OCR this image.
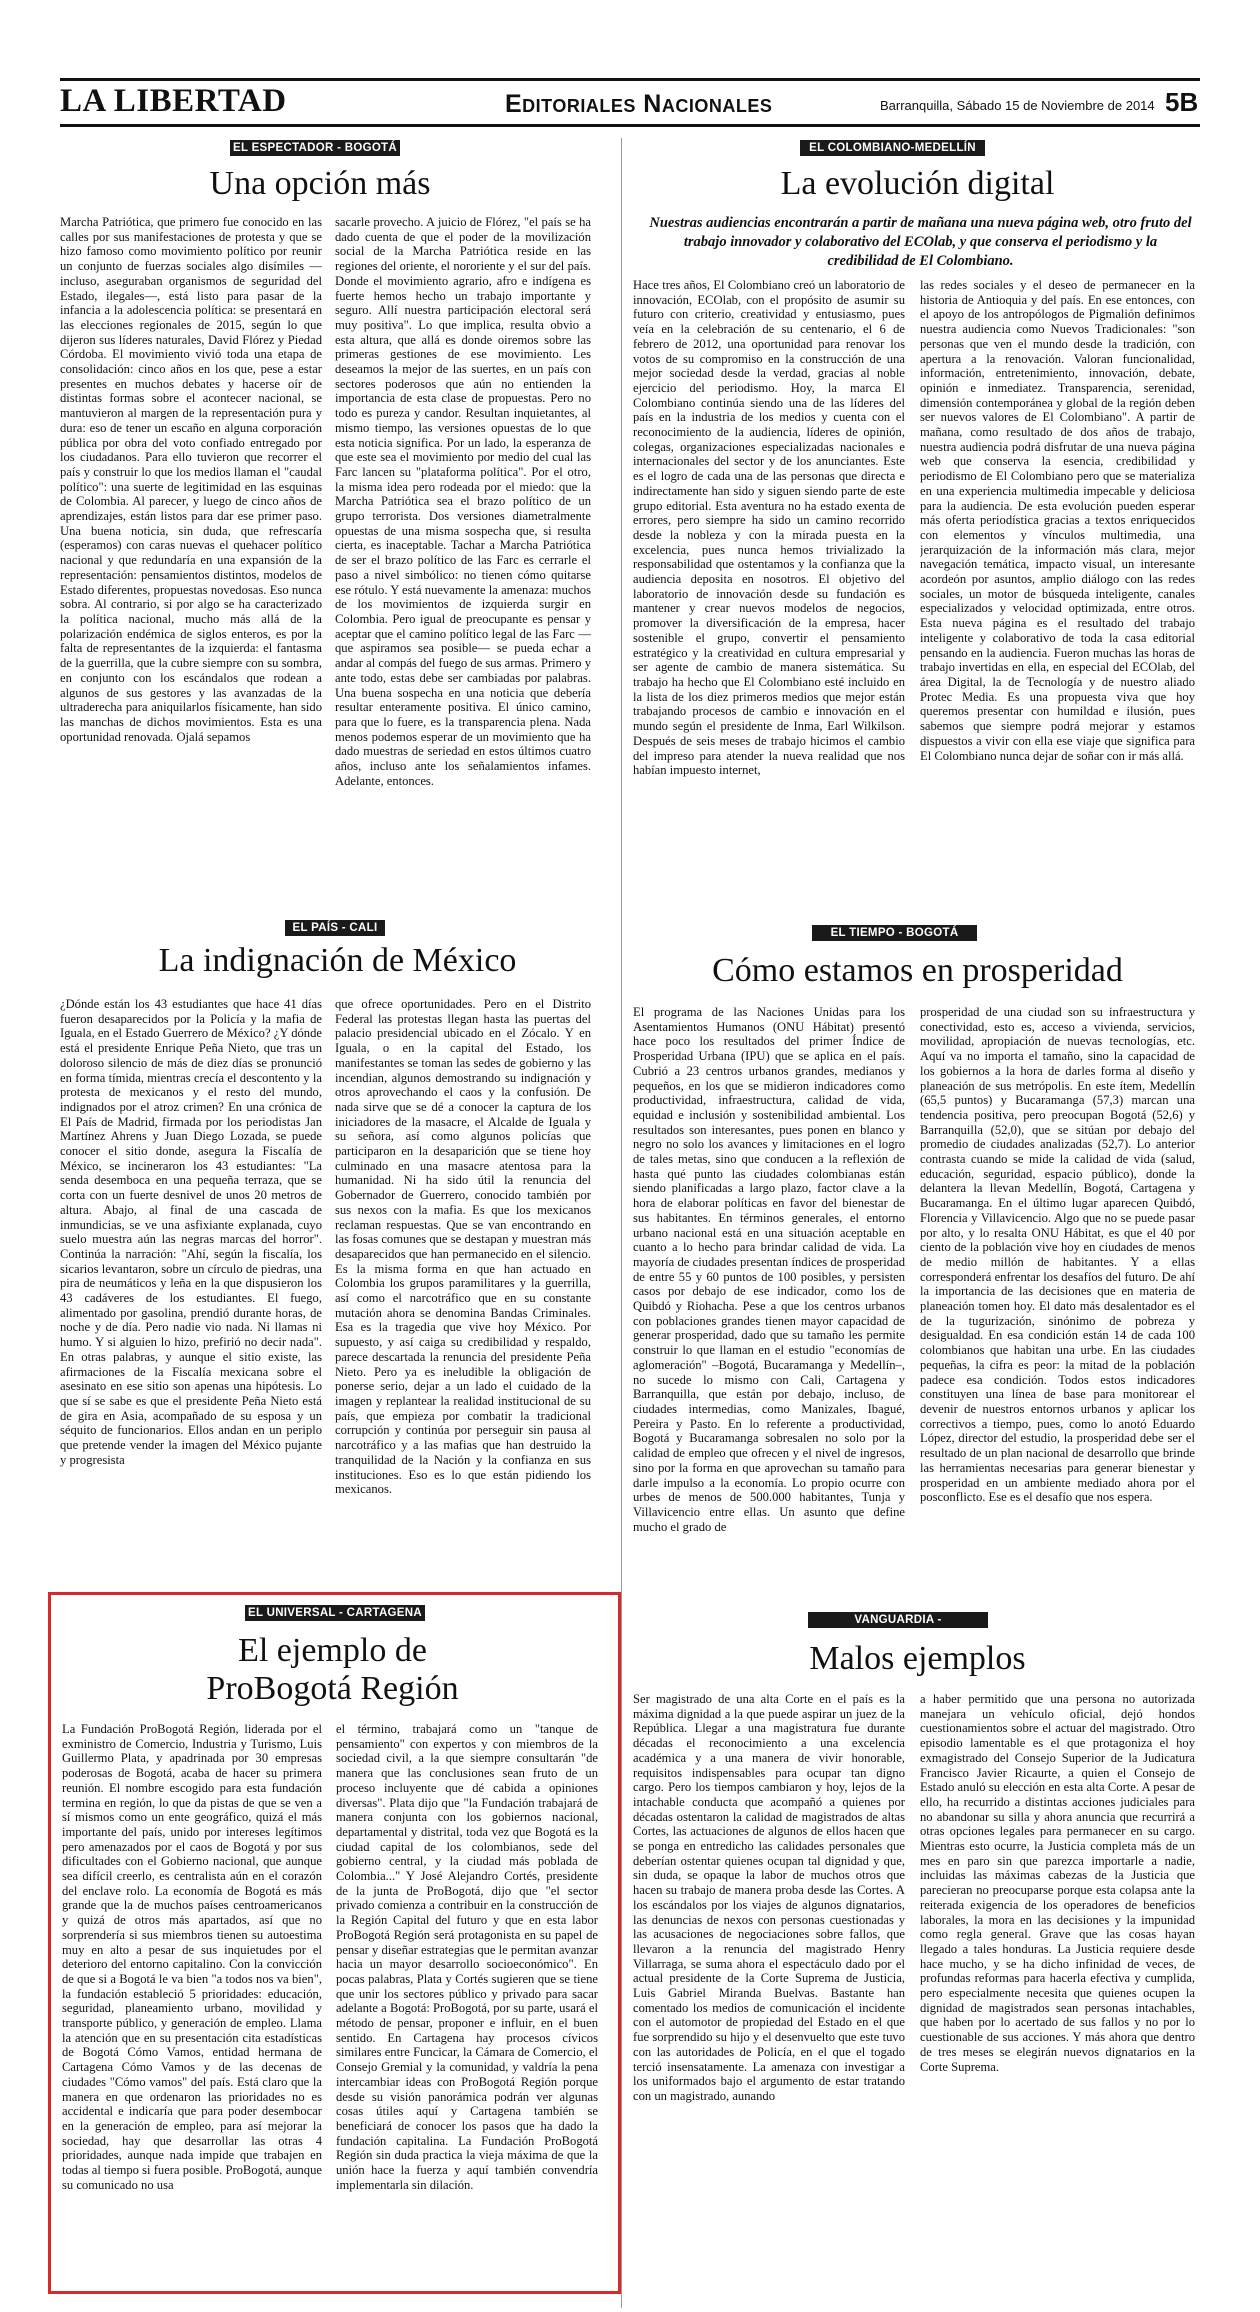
LA LIBERTAD	Editoriales Nacionales	Barranquilla, Sábado 15 de Noviembre de 2014 5B
EL ESPECTADOR - BOGOTÁ
Una opción más

Marcha Patriótica, que primero fue conocido en las calles por sus manifestaciones de protesta y que se hizo famoso como movimiento político por reunir un conjunto de fuerzas sociales algo disímiles —incluso, aseguraban organismos de seguridad del Estado, ilegales—, está listo para pasar de la infancia a la adolescencia política: se presentará en las elecciones regionales de 2015, según lo que dijeron sus líderes naturales, David Flórez y Piedad Córdoba. El movimiento vivió toda una etapa de consolidación: cinco años en los que, pese a estar presentes en muchos debates y hacerse oír de distintas formas sobre el acontecer nacional, se mantuvieron al margen de la representación pura y dura: eso de tener un escaño en alguna corporación pública por obra del voto confiado entregado por los ciudadanos. Para ello tuvieron que recorrer el país y construir lo que los medios llaman el "caudal político": una suerte de legitimidad en las esquinas de Colombia. Al parecer, y luego de cinco años de aprendizajes, están listos para dar ese primer paso. Una buena noticia, sin duda, que refrescaría (esperamos) con caras nuevas el quehacer político nacional y que redundaría en una expansión de la representación: pensamientos distintos, modelos de Estado diferentes, propuestas novedosas. Eso nunca sobra. Al contrario, si por algo se ha caracterizado la política nacional, mucho más allá de la polarización endémica de siglos enteros, es por la falta de representantes de la izquierda: el fantasma de la guerrilla, que la cubre siempre con su sombra, en conjunto con los escándalos que rodean a algunos de sus gestores y las avanzadas de la ultraderecha para aniquilarlos físicamente, han sido las manchas de dichos movimientos. Esta es una oportunidad renovada. Ojalá sepamos

sacarle provecho. A juicio de Flórez, "el país se ha dado cuenta de que el poder de la movilización social de la Marcha Patriótica reside en las regiones del oriente, el nororiente y el sur del país. Donde el movimiento agrario, afro e indígena es fuerte hemos hecho un trabajo importante y seguro. Allí nuestra participación electoral será muy positiva". Lo que implica, resulta obvio a esta altura, que allá es donde oiremos sobre las primeras gestiones de ese movimiento. Les deseamos la mejor de las suertes, en un país con sectores poderosos que aún no entienden la importancia de esta clase de propuestas. Pero no todo es pureza y candor. Resultan inquietantes, al mismo tiempo, las versiones opuestas de lo que esta noticia significa. Por un lado, la esperanza de que este sea el movimiento por medio del cual las Farc lancen su "plataforma política". Por el otro, la misma idea pero rodeada por el miedo: que la Marcha Patriótica sea el brazo político de un grupo terrorista. Dos versiones diametralmente opuestas de una misma sospecha que, si resulta cierta, es inaceptable. Tachar a Marcha Patriótica de ser el brazo político de las Farc es cerrarle el paso a nivel simbólico: no tienen cómo quitarse ese rótulo. Y está nuevamente la amenaza: muchos de los movimientos de izquierda surgir en Colombia. Pero igual de preocupante es pensar y aceptar que el camino político legal de las Farc —que aspiramos sea posible— se pueda echar a andar al compás del fuego de sus armas. Primero y ante todo, estas debe ser cambiadas por palabras. Una buena sospecha en una noticia que debería resultar enteramente positiva. El único camino, para que lo fuere, es la transparencia plena. Nada menos podemos esperar de un movimiento que ha dado muestras de seriedad en estos últimos cuatro años, incluso ante los señalamientos infames. Adelante, entonces.

EL COLOMBIANO-MEDELLÍN
La evolución digital
Nuestras audiencias encontrarán a partir de mañana una nueva página web, otro fruto del trabajo innovador y colaborativo del ECOlab, y que conserva el periodismo y la credibilidad de El Colombiano.

Hace tres años, El Colombiano creó un laboratorio de innovación, ECOlab, con el propósito de asumir su futuro con criterio, creatividad y entusiasmo, pues veía en la celebración de su centenario, el 6 de febrero de 2012, una oportunidad para renovar los votos de su compromiso en la construcción de una mejor sociedad desde la verdad, gracias al noble ejercicio del periodismo. Hoy, la marca El Colombiano continúa siendo una de las líderes del país en la industria de los medios y cuenta con el reconocimiento de la audiencia, líderes de opinión, colegas, organizaciones especializadas nacionales e internacionales del sector y de los anunciantes. Este es el logro de cada una de las personas que directa e indirectamente han sido y siguen siendo parte de este grupo editorial. Esta aventura no ha estado exenta de errores, pero siempre ha sido un camino recorrido desde la nobleza y con la mirada puesta en la excelencia, pues nunca hemos trivializado la responsabilidad que ostentamos y la confianza que la audiencia deposita en nosotros. El objetivo del laboratorio de innovación desde su fundación es mantener y crear nuevos modelos de negocios, promover la diversificación de la empresa, hacer sostenible el grupo, convertir el pensamiento estratégico y la creatividad en cultura empresarial y ser agente de cambio de manera sistemática. Su trabajo ha hecho que El Colombiano esté incluido en la lista de los diez primeros medios que mejor están trabajando procesos de cambio e innovación en el mundo según el presidente de Inma, Earl Wilkilson. Después de seis meses de trabajo hicimos el cambio del impreso para atender la nueva realidad que nos habían impuesto internet,

las redes sociales y el deseo de permanecer en la historia de Antioquia y del país. En ese entonces, con el apoyo de los antropólogos de Pigmalión definimos nuestra audiencia como Nuevos Tradicionales: "son personas que ven el mundo desde la tradición, con apertura a la renovación. Valoran funcionalidad, información, entretenimiento, innovación, debate, opinión e inmediatez. Transparencia, serenidad, dimensión contemporánea y global de la región deben ser nuevos valores de El Colombiano". A partir de mañana, como resultado de dos años de trabajo, nuestra audiencia podrá disfrutar de una nueva página web que conserva la esencia, credibilidad y periodismo de El Colombiano pero que se materializa en una experiencia multimedia impecable y deliciosa para la audiencia. De esta evolución pueden esperar más oferta periodística gracias a textos enriquecidos con elementos y vínculos multimedia, una jerarquización de la información más clara, mejor navegación temática, impacto visual, un interesante acordeón por asuntos, amplio diálogo con las redes sociales, un motor de búsqueda inteligente, canales especializados y velocidad optimizada, entre otros. Esta nueva página es el resultado del trabajo inteligente y colaborativo de toda la casa editorial pensando en la audiencia. Fueron muchas las horas de trabajo invertidas en ella, en especial del ECOlab, del área Digital, la de Tecnología y de nuestro aliado Protec Media. Es una propuesta viva que hoy queremos presentar con humildad e ilusión, pues sabemos que siempre podrá mejorar y estamos dispuestos a vivir con ella ese viaje que significa para El Colombiano nunca dejar de soñar con ir más allá.

EL PAÍS - CALI
La indignación de México

¿Dónde están los 43 estudiantes que hace 41 días fueron desaparecidos por la Policía y la mafia de Iguala, en el Estado Guerrero de México? ¿Y dónde está el presidente Enrique Peña Nieto, que tras un doloroso silencio de más de diez días se pronunció en forma tímida, mientras crecía el descontento y la protesta de mexicanos y el resto del mundo, indignados por el atroz crimen? En una crónica de El País de Madrid, firmada por los periodistas Jan Martínez Ahrens y Juan Diego Lozada, se puede conocer el sitio donde, asegura la Fiscalía de México, se incineraron los 43 estudiantes: "La senda desemboca en una pequeña terraza, que se corta con un fuerte desnivel de unos 20 metros de altura. Abajo, al final de una cascada de inmundicias, se ve una asfixiante explanada, cuyo suelo muestra aún las negras marcas del horror". Continúa la narración: "Ahí, según la fiscalía, los sicarios levantaron, sobre un círculo de piedras, una pira de neumáticos y leña en la que dispusieron los 43 cadáveres de los estudiantes. El fuego, alimentado por gasolina, prendió durante horas, de noche y de día. Pero nadie vio nada. Ni llamas ni humo. Y si alguien lo hizo, prefirió no decir nada". En otras palabras, y aunque el sitio existe, las afirmaciones de la Fiscalía mexicana sobre el asesinato en ese sitio son apenas una hipótesis. Lo que sí se sabe es que el presidente Peña Nieto está de gira en Asia, acompañado de su esposa y un séquito de funcionarios. Ellos andan en un periplo que pretende vender la imagen del México pujante y progresista

que ofrece oportunidades. Pero en el Distrito Federal las protestas llegan hasta las puertas del palacio presidencial ubicado en el Zócalo. Y en Iguala, o en la capital del Estado, los manifestantes se toman las sedes de gobierno y las incendian, algunos demostrando su indignación y otros aprovechando el caos y la confusión. De nada sirve que se dé a conocer la captura de los iniciadores de la masacre, el Alcalde de Iguala y su señora, así como algunos policías que participaron en la desaparición que se tiene hoy culminado en una masacre atentosa para la humanidad. Ni ha sido útil la renuncia del Gobernador de Guerrero, conocido también por sus nexos con la mafia. Es que los mexicanos reclaman respuestas. Que se van encontrando en las fosas comunes que se destapan y muestran más desaparecidos que han permanecido en el silencio. Es la misma forma en que han actuado en Colombia los grupos paramilitares y la guerrilla, así como el narcotráfico que en su constante mutación ahora se denomina Bandas Criminales. Esa es la tragedia que vive hoy México. Por supuesto, y así caiga su credibilidad y respaldo, parece descartada la renuncia del presidente Peña Nieto. Pero ya es ineludible la obligación de ponerse serio, dejar a un lado el cuidado de la imagen y replantear la realidad institucional de su país, que empieza por combatir la tradicional corrupción y continúa por perseguir sin pausa al narcotráfico y a las mafias que han destruido la tranquilidad de la Nación y la confianza en sus instituciones. Eso es lo que están pidiendo los mexicanos.

EL TIEMPO - BOGOTÁ
Cómo estamos en prosperidad

El programa de las Naciones Unidas para los Asentamientos Humanos (ONU Hábitat) presentó hace poco los resultados del primer Índice de Prosperidad Urbana (IPU) que se aplica en el país. Cubrió a 23 centros urbanos grandes, medianos y pequeños, en los que se midieron indicadores como productividad, infraestructura, calidad de vida, equidad e inclusión y sostenibilidad ambiental. Los resultados son interesantes, pues ponen en blanco y negro no solo los avances y limitaciones en el logro de tales metas, sino que conducen a la reflexión de hasta qué punto las ciudades colombianas están siendo planificadas a largo plazo, factor clave a la hora de elaborar políticas en favor del bienestar de sus habitantes. En términos generales, el entorno urbano nacional está en una situación aceptable en cuanto a lo hecho para brindar calidad de vida. La mayoría de ciudades presentan índices de prosperidad de entre 55 y 60 puntos de 100 posibles, y persisten casos por debajo de ese indicador, como los de Quibdó y Riohacha. Pese a que los centros urbanos con poblaciones grandes tienen mayor capacidad de generar prosperidad, dado que su tamaño les permite construir lo que llaman en el estudio "economías de aglomeración" –Bogotá, Bucaramanga y Medellín–, no sucede lo mismo con Cali, Cartagena y Barranquilla, que están por debajo, incluso, de ciudades intermedias, como Manizales, Ibagué, Pereira y Pasto. En lo referente a productividad, Bogotá y Bucaramanga sobresalen no solo por la calidad de empleo que ofrecen y el nivel de ingresos, sino por la forma en que aprovechan su tamaño para darle impulso a la economía. Lo propio ocurre con urbes de menos de 500.000 habitantes, Tunja y Villavicencio entre ellas. Un asunto que define mucho el grado de

prosperidad de una ciudad son su infraestructura y conectividad, esto es, acceso a vivienda, servicios, movilidad, apropiación de nuevas tecnologías, etc. Aquí va no importa el tamaño, sino la capacidad de los gobiernos a la hora de darles forma al diseño y planeación de sus metrópolis. En este ítem, Medellín (65,5 puntos) y Bucaramanga (57,3) marcan una tendencia positiva, pero preocupan Bogotá (52,6) y Barranquilla (52,0), que se sitúan por debajo del promedio de ciudades analizadas (52,7). Lo anterior contrasta cuando se mide la calidad de vida (salud, educación, seguridad, espacio público), donde la delantera la llevan Medellín, Bogotá, Cartagena y Bucaramanga. En el último lugar aparecen Quibdó, Florencia y Villavicencio. Algo que no se puede pasar por alto, y lo resalta ONU Hábitat, es que el 40 por ciento de la población vive hoy en ciudades de menos de medio millón de habitantes. Y a ellas corresponderá enfrentar los desafíos del futuro. De ahí la importancia de las decisiones que en materia de planeación tomen hoy. El dato más desalentador es el de la tugurización, sinónimo de pobreza y desigualdad. En esa condición están 14 de cada 100 colombianos que habitan una urbe. En las ciudades pequeñas, la cifra es peor: la mitad de la población padece esa condición. Todos estos indicadores constituyen una línea de base para monitorear el devenir de nuestros entornos urbanos y aplicar los correctivos a tiempo, pues, como lo anotó Eduardo López, director del estudio, la prosperidad debe ser el resultado de un plan nacional de desarrollo que brinde las herramientas necesarias para generar bienestar y prosperidad en un ambiente mediado ahora por el posconflicto. Ese es el desafío que nos espera.

EL UNIVERSAL - CARTAGENA
El ejemplo de
ProBogotá Región

La Fundación ProBogotá Región, liderada por el exministro de Comercio, Industria y Turismo, Luis Guillermo Plata, y apadrinada por 30 empresas poderosas de Bogotá, acaba de hacer su primera reunión. El nombre escogido para esta fundación termina en región, lo que da pistas de que se ven a sí mismos como un ente geográfico, quizá el más importante del país, unido por intereses legítimos pero amenazados por el caos de Bogotá y por sus dificultades con el Gobierno nacional, que aunque sea difícil creerlo, es centralista aún en el corazón del enclave rolo. La economía de Bogotá es más grande que la de muchos países centroamericanos y quizá de otros más apartados, así que no sorprendería si sus miembros tienen su autoestima muy en alto a pesar de sus inquietudes por el deterioro del entorno capitalino. Con la convicción de que si a Bogotá le va bien "a todos nos va bien", la fundación estableció 5 prioridades: educación, seguridad, planeamiento urbano, movilidad y transporte público, y generación de empleo. Llama la atención que en su presentación cita estadísticas de Bogotá Cómo Vamos, entidad hermana de Cartagena Cómo Vamos y de las decenas de ciudades "Cómo vamos" del país. Está claro que la manera en que ordenaron las prioridades no es accidental e indicaría que para poder desembocar en la generación de empleo, para así mejorar la sociedad, hay que desarrollar las otras 4 prioridades, aunque nada impide que trabajen en todas al tiempo si fuera posible. ProBogotá, aunque su comunicado no usa

el término, trabajará como un "tanque de pensamiento" con expertos y con miembros de la sociedad civil, a la que siempre consultarán "de manera que las conclusiones sean fruto de un proceso incluyente que dé cabida a opiniones diversas". Plata dijo que "la Fundación trabajará de manera conjunta con los gobiernos nacional, departamental y distrital, toda vez que Bogotá es la ciudad capital de los colombianos, sede del gobierno central, y la ciudad más poblada de Colombia..." Y José Alejandro Cortés, presidente de la junta de ProBogotá, dijo que "el sector privado comienza a contribuir en la construcción de la Región Capital del futuro y que en esta labor ProBogotá Región será protagonista en su papel de pensar y diseñar estrategias que le permitan avanzar hacia un mayor desarrollo socioeconómico". En pocas palabras, Plata y Cortés sugieren que se tiene que unir los sectores público y privado para sacar adelante a Bogotá: ProBogotá, por su parte, usará el método de pensar, proponer e influir, en el buen sentido. En Cartagena hay procesos cívicos similares entre Funcicar, la Cámara de Comercio, el Consejo Gremial y la comunidad, y valdría la pena intercambiar ideas con ProBogotá Región porque desde su visión panorámica podrán ver algunas cosas útiles aquí y Cartagena también se beneficiará de conocer los pasos que ha dado la fundación capitalina. La Fundación ProBogotá Región sin duda practica la vieja máxima de que la unión hace la fuerza y aquí también convendría implementarla sin dilación.

VANGUARDIA - BUCARAMANGA
Malos ejemplos

Ser magistrado de una alta Corte en el país es la máxima dignidad a la que puede aspirar un juez de la República. Llegar a una magistratura fue durante décadas el reconocimiento a una excelencia académica y a una manera de vivir honorable, requisitos indispensables para ocupar tan digno cargo. Pero los tiempos cambiaron y hoy, lejos de la intachable conducta que acompañó a quienes por décadas ostentaron la calidad de magistrados de altas Cortes, las actuaciones de algunos de ellos hacen que se ponga en entredicho las calidades personales que deberían ostentar quienes ocupan tal dignidad y que, sin duda, se opaque la labor de muchos otros que hacen su trabajo de manera proba desde las Cortes. A los escándalos por los viajes de algunos dignatarios, las denuncias de nexos con personas cuestionadas y las acusaciones de negociaciones sobre fallos, que llevaron a la renuncia del magistrado Henry Villarraga, se suma ahora el espectáculo dado por el actual presidente de la Corte Suprema de Justicia, Luis Gabriel Miranda Buelvas. Bastante han comentado los medios de comunicación el incidente con el automotor de propiedad del Estado en el que fue sorprendido su hijo y el desenvuelto que este tuvo con las autoridades de Policía, en el que el togado terció insensatamente. La amenaza con investigar a los uniformados bajo el argumento de estar tratando con un magistrado, aunando

a haber permitido que una persona no autorizada manejara un vehículo oficial, dejó hondos cuestionamientos sobre el actuar del magistrado. Otro episodio lamentable es el que protagoniza el hoy exmagistrado del Consejo Superior de la Judicatura Francisco Javier Ricaurte, a quien el Consejo de Estado anuló su elección en esta alta Corte. A pesar de ello, ha recurrido a distintas acciones judiciales para no abandonar su silla y ahora anuncia que recurrirá a otras opciones legales para permanecer en su cargo. Mientras esto ocurre, la Justicia completa más de un mes en paro sin que parezca importarle a nadie, incluidas las máximas cabezas de la Justicia que parecieran no preocuparse porque esta colapsa ante la reiterada exigencia de los operadores de beneficios laborales, la mora en las decisiones y la impunidad como regla general. Grave que las cosas hayan llegado a tales honduras. La Justicia requiere desde hace mucho, y se ha dicho infinidad de veces, de profundas reformas para hacerla efectiva y cumplida, pero especialmente necesita que quienes ocupen la dignidad de magistrados sean personas intachables, que haben por lo acertado de sus fallos y no por lo cuestionable de sus acciones. Y más ahora que dentro de tres meses se elegirán nuevos dignatarios en la Corte Suprema.
